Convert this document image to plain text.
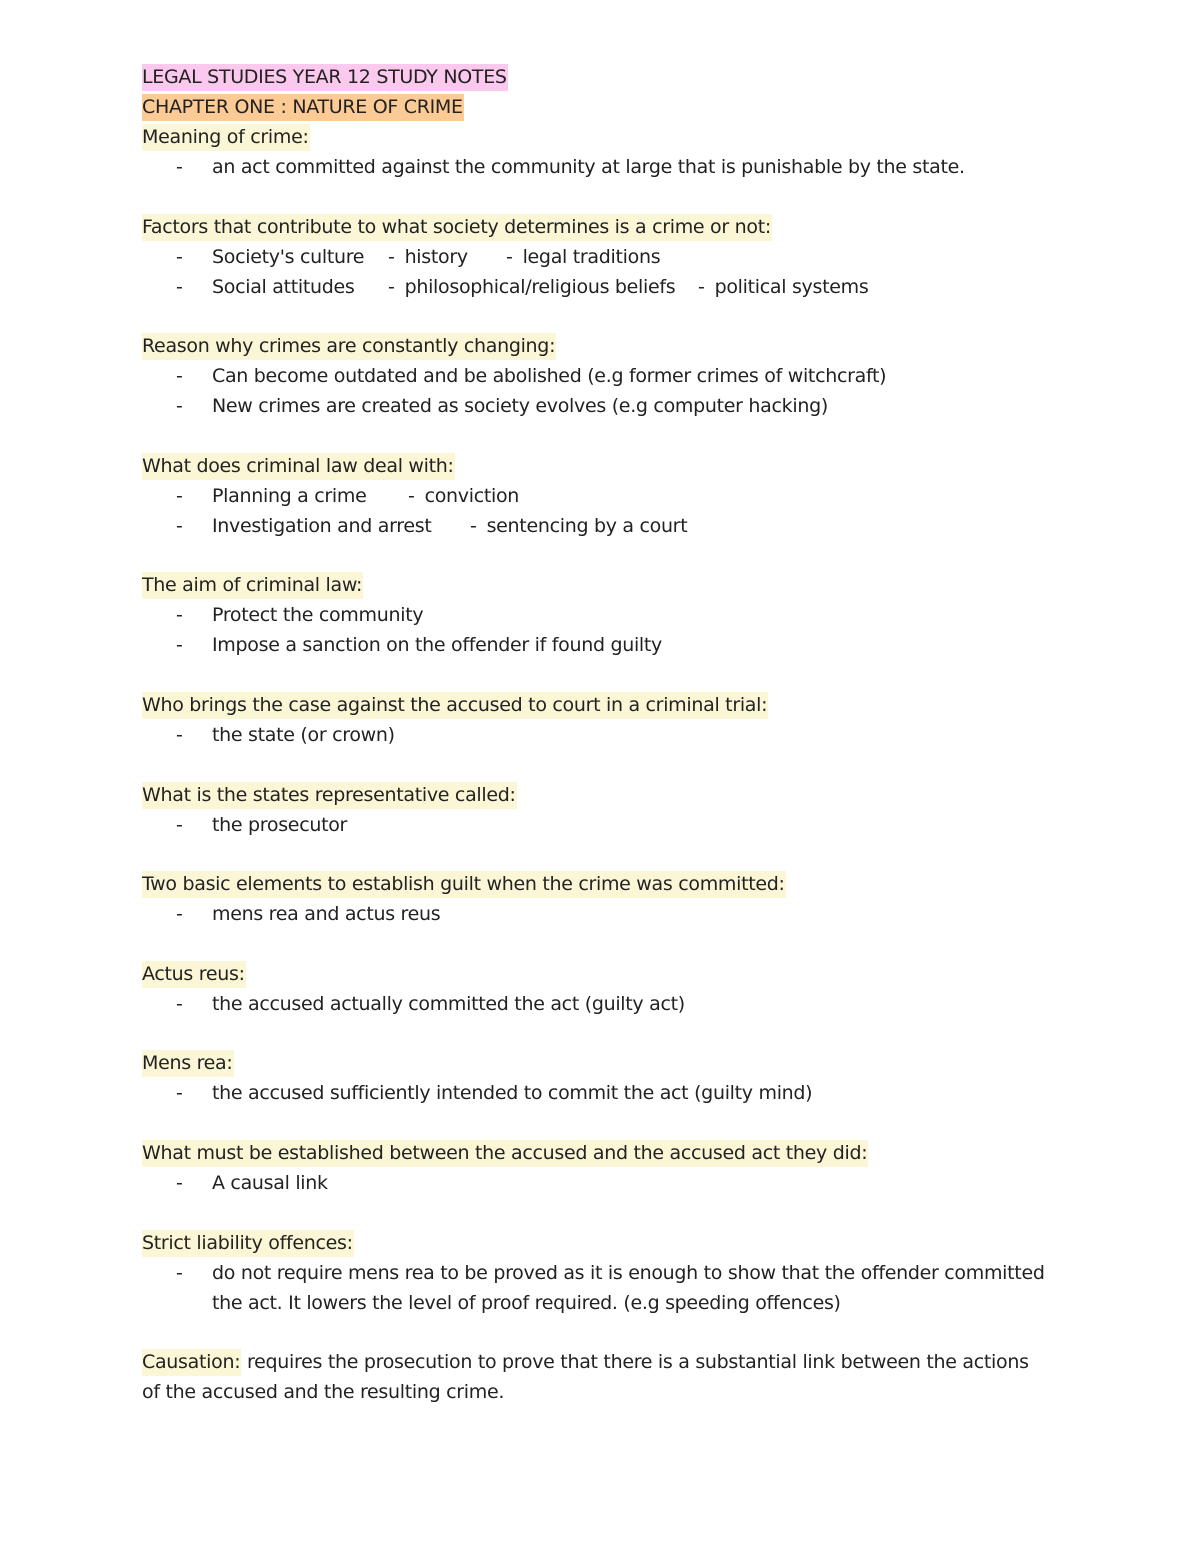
LEGAL STUDIES YEAR 12 STUDY NOTES
CHAPTER ONE : NATURE OF CRIME
Meaning of crime:
- an act committed against the community at large that is punishable by the state.
Factors that contribute to what society determines is a crime or not:
- Society's culture - history - legal traditions
- Social attitudes - philosophical/religious beliefs - political systems
Reason why crimes are constantly changing:
- Can become outdated and be abolished (e.g former crimes of witchcraft)
- New crimes are created as society evolves (e.g computer hacking)
What does criminal law deal with:
- Planning a crime - conviction
- Investigation and arrest - sentencing by a court
The aim of criminal law:
- Protect the community
- Impose a sanction on the offender if found guilty
Who brings the case against the accused to court in a criminal trial:
- the state (or crown)
What is the states representative called:
- the prosecutor
Two basic elements to establish guilt when the crime was committed:
- mens rea and actus reus
Actus reus:
- the accused actually committed the act (guilty act)
Mens rea:
- the accused sufficiently intended to commit the act (guilty mind)
What must be established between the accused and the accused act they did:
- A causal link
Strict liability offences:
- do not require mens rea to be proved as it is enough to show that the offender committed
the act. It lowers the level of proof required. (e.g speeding offences)
Causation: requires the prosecution to prove that there is a substantial link between the actions
of the accused and the resulting crime.
